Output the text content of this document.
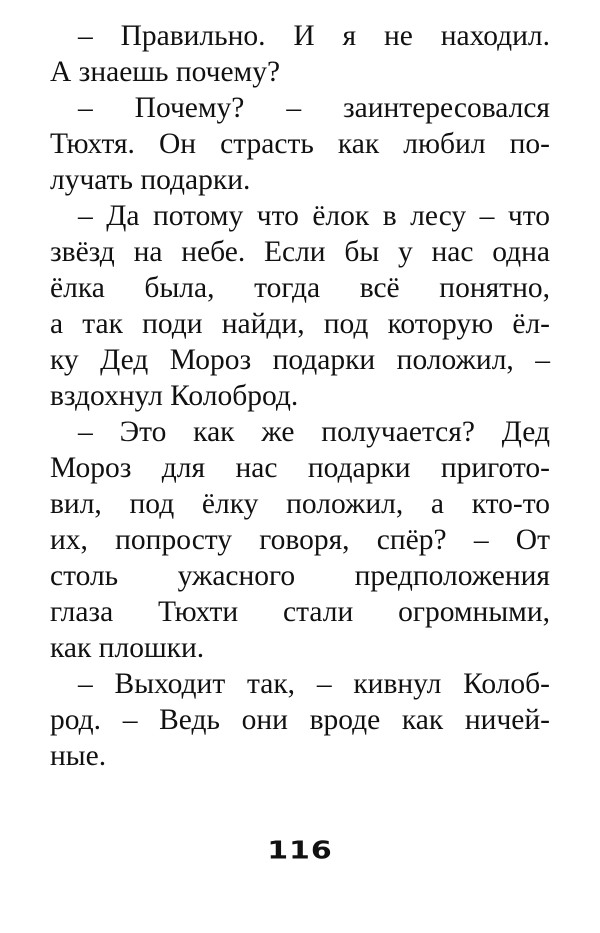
– Правильно. И я не находил.
А знаешь почему?
– Почему? – заинтересовался
Тюхтя. Он страсть как любил по-
лучать подарки.
– Да потому что ёлок в лесу – что
звёзд на небе. Если бы у нас одна
ёлка была, тогда всё понятно,
а так поди найди, под которую ёл-
ку Дед Мороз подарки положил, –
вздохнул Колоброд.
– Это как же получается? Дед
Мороз для нас подарки пригото-
вил, под ёлку положил, а кто-то
их, попросту говоря, спёр? – От
столь ужасного предположения
глаза Тюхти стали огромными,
как плошки.
– Выходит так, – кивнул Колоб-
род. – Ведь они вроде как ничей-
ные.
116
